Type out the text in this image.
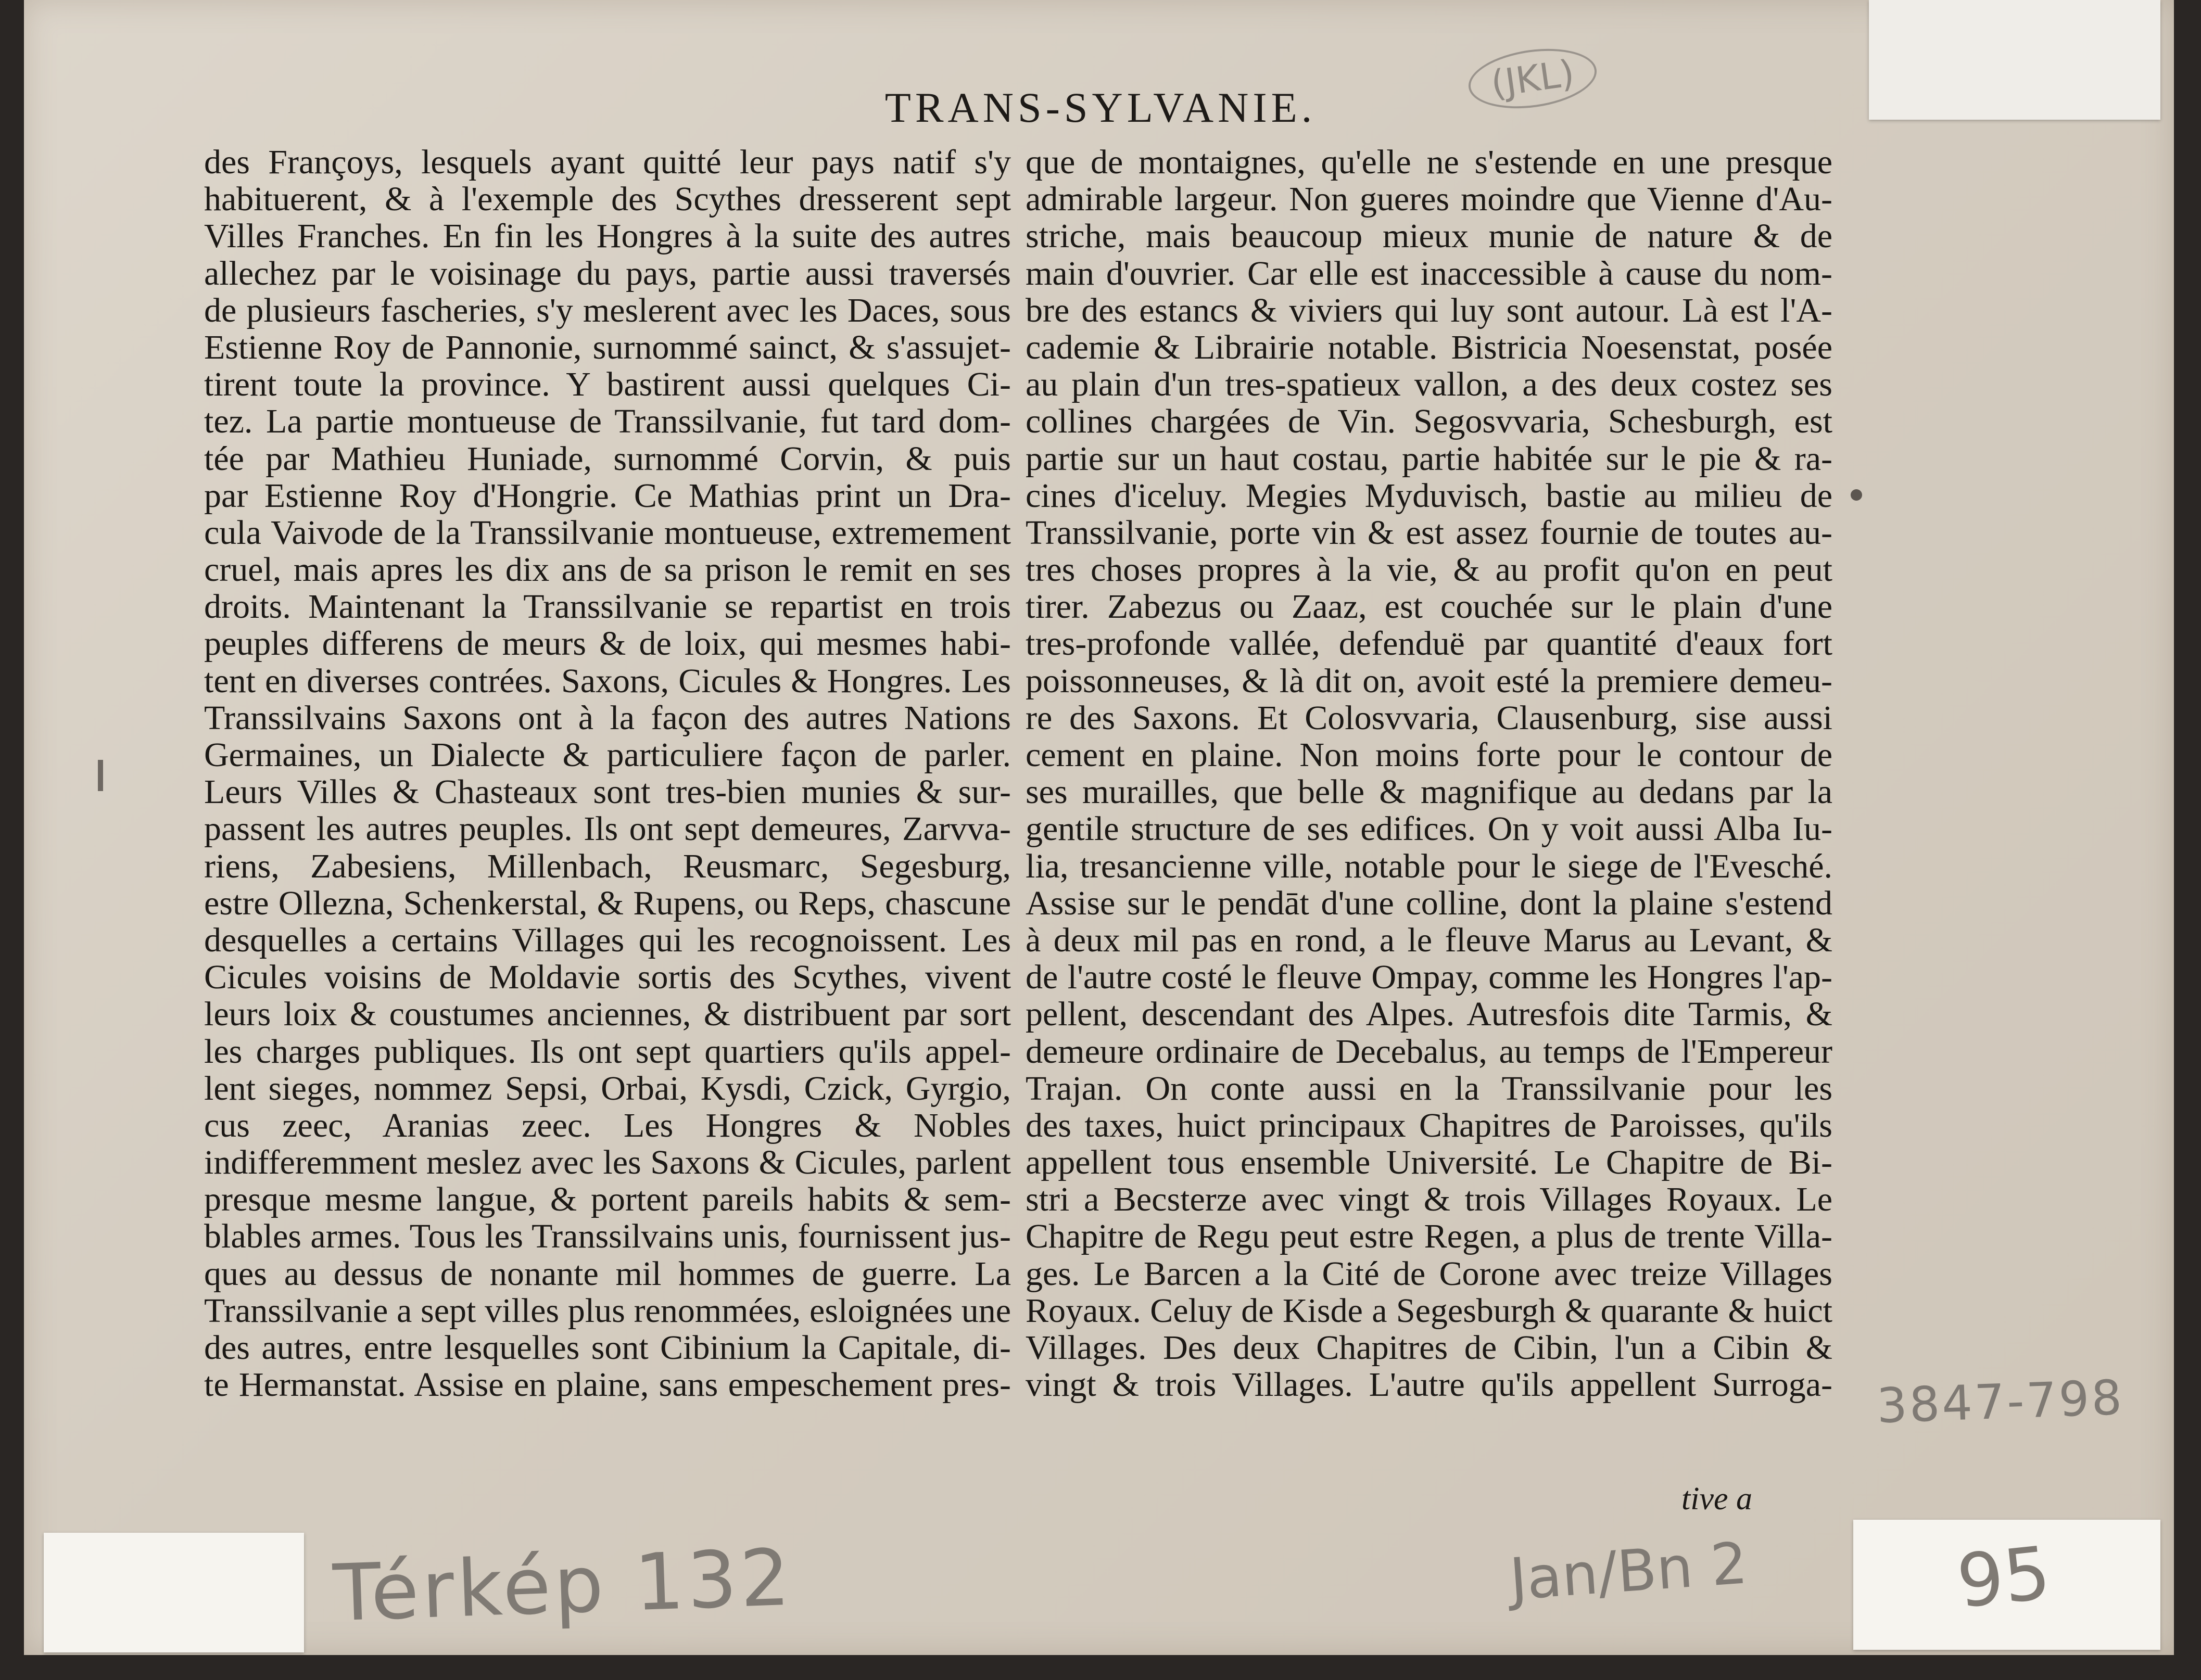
TRANS-SYLVANIE.
des Françoys, lesquels ayant quitté leur pays natif s'y
habituerent, & à l'exemple des Scythes dresserent sept
Villes Franches. En fin les Hongres à la suite des autres
allechez par le voisinage du pays, partie aussi traversés
de plusieurs fascheries, s'y meslerent avec les Daces, sous
Estienne Roy de Pannonie, surnommé sainct, & s'assujet-
tirent toute la province. Y bastirent aussi quelques Ci-
tez. La partie montueuse de Transsilvanie, fut tard dom-
tée par Mathieu Huniade, surnommé Corvin, & puis
par Estienne Roy d'Hongrie. Ce Mathias print un Dra-
cula Vaivode de la Transsilvanie montueuse, extremement
cruel, mais apres les dix ans de sa prison le remit en ses
droits. Maintenant la Transsilvanie se repartist en trois
peuples differens de meurs & de loix, qui mesmes habi-
tent en diverses contrées. Saxons, Cicules & Hongres. Les
Transsilvains Saxons ont à la façon des autres Nations
Germaines, un Dialecte & particuliere façon de parler.
Leurs Villes & Chasteaux sont tres-bien munies & sur-
passent les autres peuples. Ils ont sept demeures, Zarvva-
riens, Zabesiens, Millenbach, Reusmarc, Segesburg,
estre Ollezna, Schenkerstal, & Rupens, ou Reps, chascune
desquelles a certains Villages qui les recognoissent. Les
Cicules voisins de Moldavie sortis des Scythes, vivent
leurs loix & coustumes anciennes, & distribuent par sort
les charges publiques. Ils ont sept quartiers qu'ils appel-
lent sieges, nommez Sepsi, Orbai, Kysdi, Czick, Gyrgio,
cus zeec, Aranias zeec. Les Hongres & Nobles
indifferemment meslez avec les Saxons & Cicules, parlent
presque mesme langue, & portent pareils habits & sem-
blables armes. Tous les Transsilvains unis, fournissent jus-
ques au dessus de nonante mil hommes de guerre. La
Transsilvanie a sept villes plus renommées, esloignées une
des autres, entre lesquelles sont Cibinium la Capitale, di-
te Hermanstat. Assise en plaine, sans empeschement pres-
que de montaignes, qu'elle ne s'estende en une presque
admirable largeur. Non gueres moindre que Vienne d'Au-
striche, mais beaucoup mieux munie de nature & de
main d'ouvrier. Car elle est inaccessible à cause du nom-
bre des estancs & viviers qui luy sont autour. Là est l'A-
cademie & Librairie notable. Bistricia Noesenstat, posée
au plain d'un tres-spatieux vallon, a des deux costez ses
collines chargées de Vin. Segosvvaria, Schesburgh, est
partie sur un haut costau, partie habitée sur le pie & ra-
cines d'iceluy. Megies Myduvisch, bastie au milieu de
Transsilvanie, porte vin & est assez fournie de toutes au-
tres choses propres à la vie, & au profit qu'on en peut
tirer. Zabezus ou Zaaz, est couchée sur le plain d'une
tres-profonde vallée, defenduë par quantité d'eaux fort
poissonneuses, & là dit on, avoit esté la premiere demeu-
re des Saxons. Et Colosvvaria, Clausenburg, sise aussi
cement en plaine. Non moins forte pour le contour de
ses murailles, que belle & magnifique au dedans par la
gentile structure de ses edifices. On y voit aussi Alba Iu-
lia, tresancienne ville, notable pour le siege de l'Evesché.
Assise sur le pendāt d'une colline, dont la plaine s'estend
à deux mil pas en rond, a le fleuve Marus au Levant, &
de l'autre costé le fleuve Ompay, comme les Hongres l'ap-
pellent, descendant des Alpes. Autresfois dite Tarmis, &
demeure ordinaire de Decebalus, au temps de l'Empereur
Trajan. On conte aussi en la Transsilvanie pour les
des taxes, huict principaux Chapitres de Paroisses, qu'ils
appellent tous ensemble Université. Le Chapitre de Bi-
stri a Becsterze avec vingt & trois Villages Royaux. Le
Chapitre de Regu peut estre Regen, a plus de trente Villa-
ges. Le Barcen a la Cité de Corone avec treize Villages
Royaux. Celuy de Kisde a Segesburgh & quarante & huict
Villages. Des deux Chapitres de Cibin, l'un a Cibin &
vingt & trois Villages. L'autre qu'ils appellent Surroga-
tive a
(JKL)
3847-798
Térkép 132	Jan/Bn 2	95
